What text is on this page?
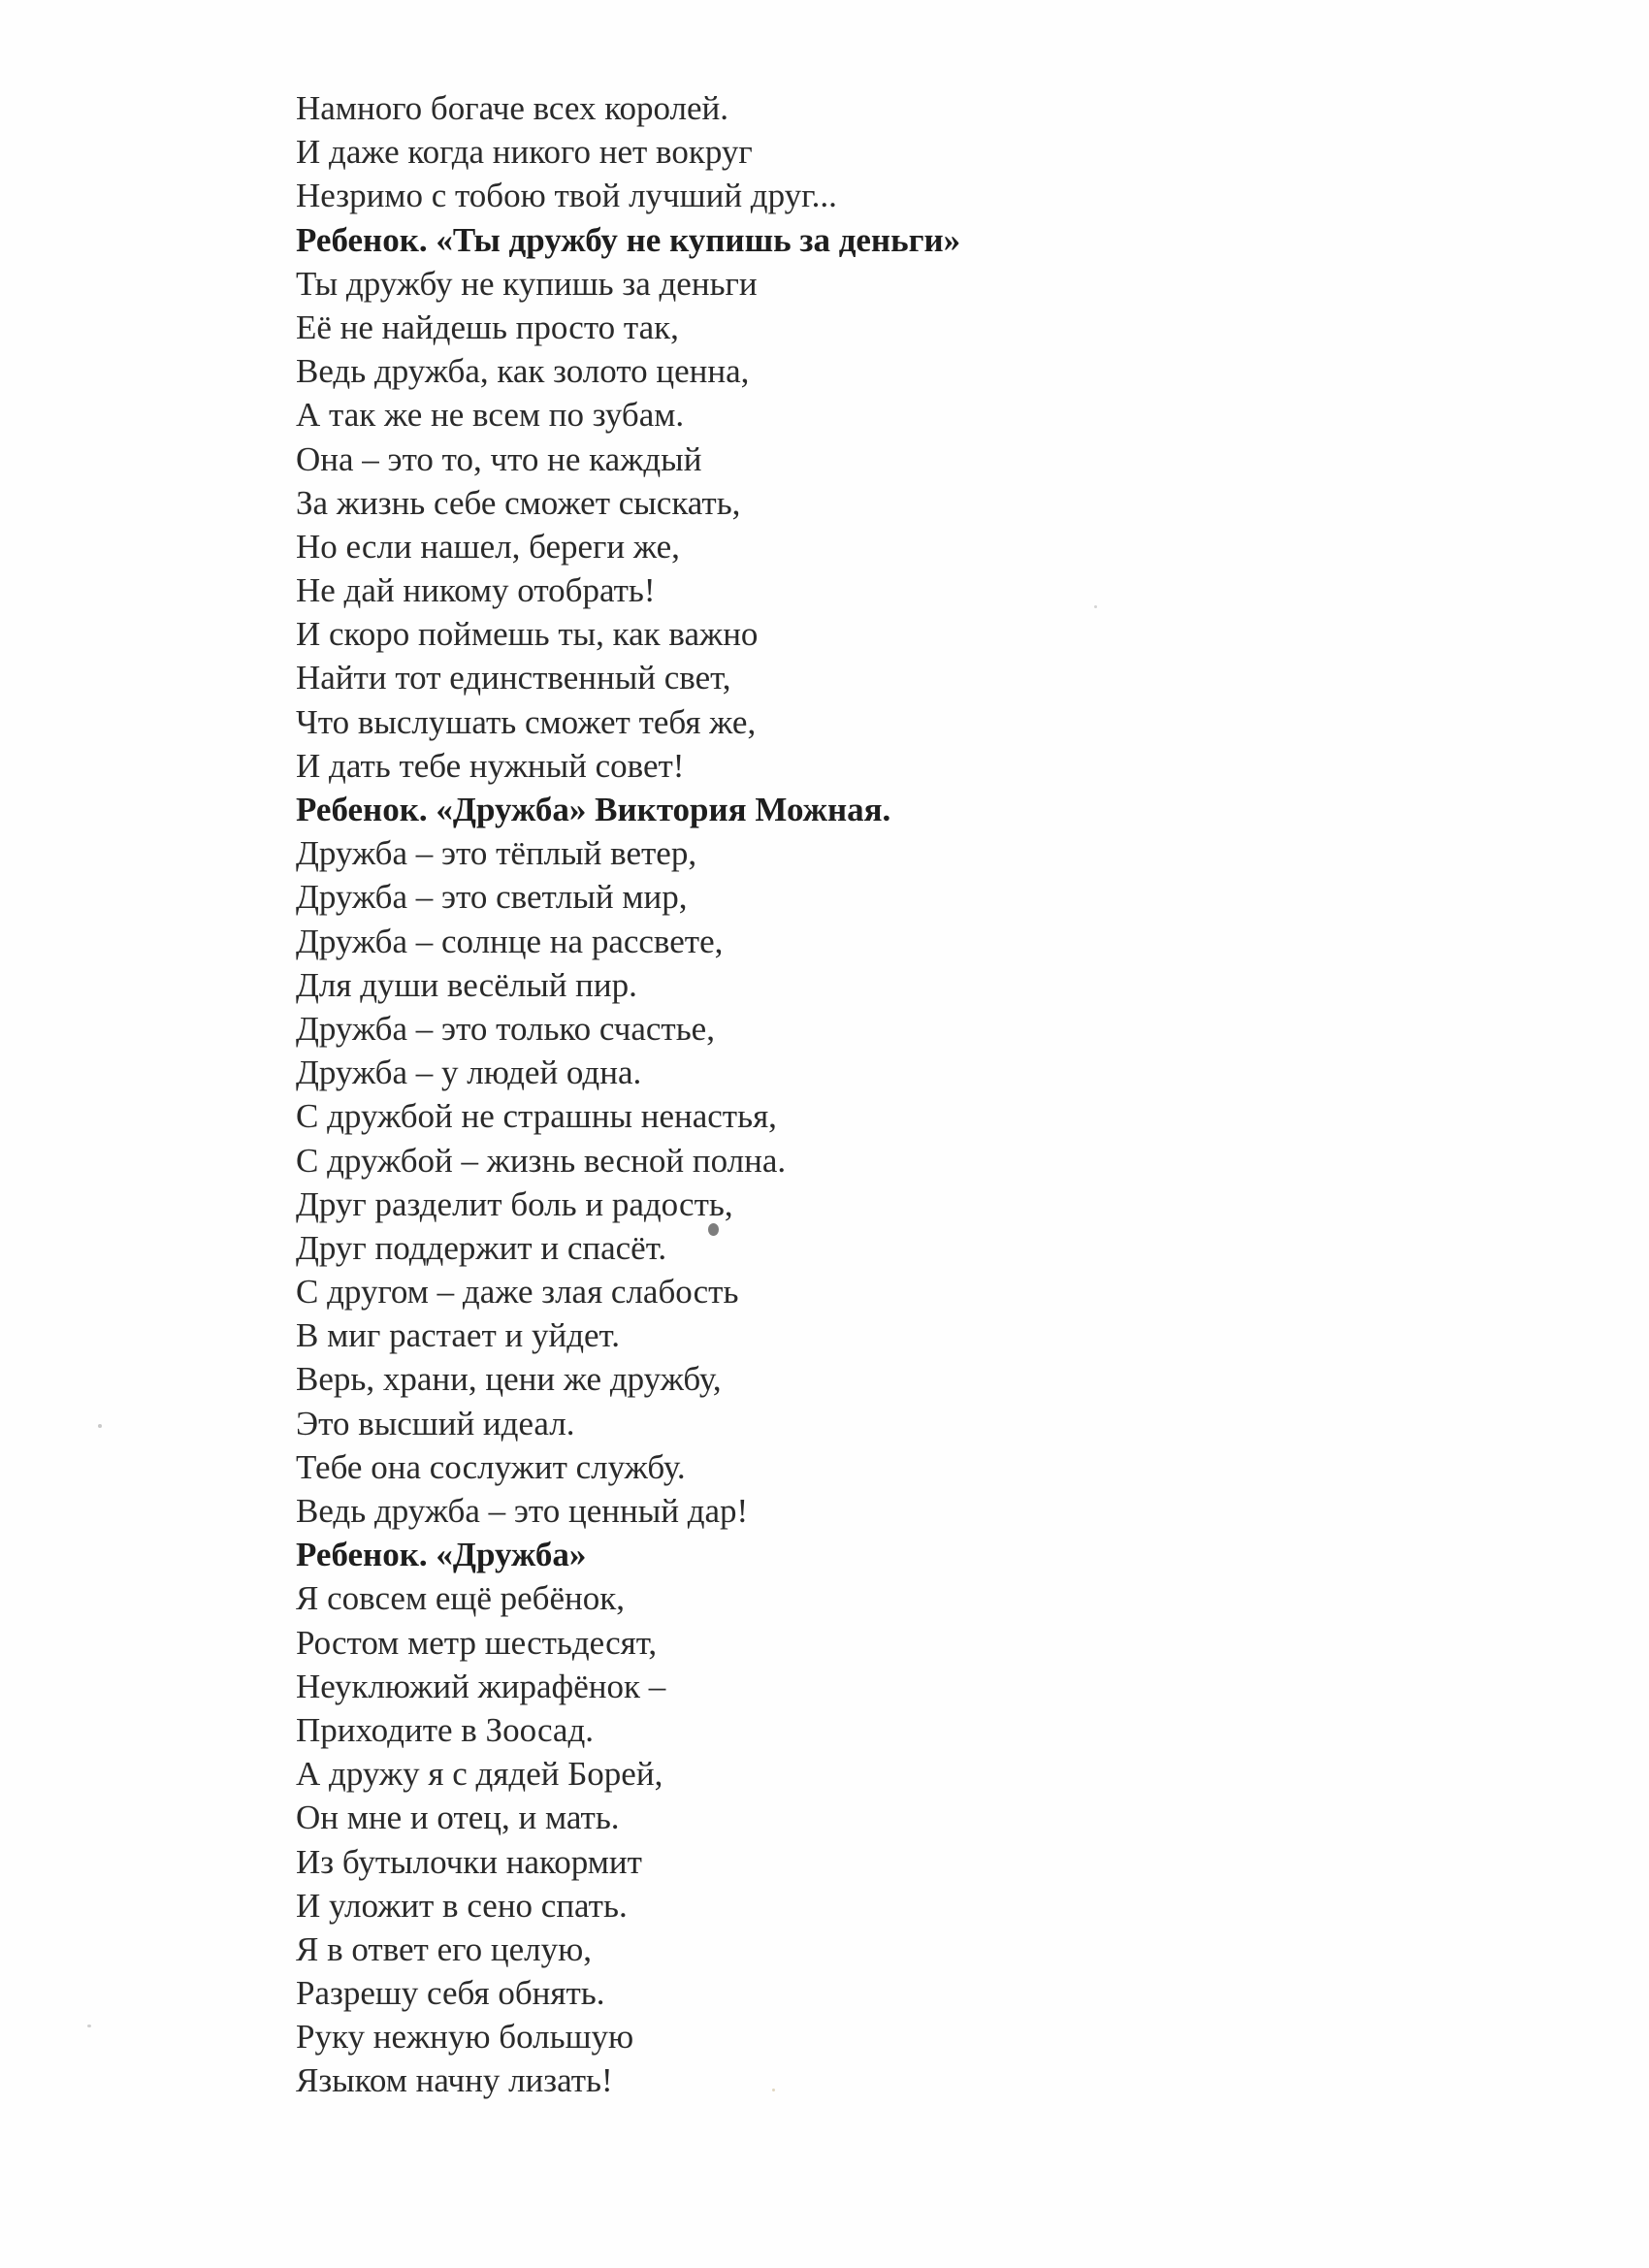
Намного богаче всех королей.
И даже когда никого нет вокруг
Незримо с тобою твой лучший друг...
Ребенок. «Ты дружбу не купишь за деньги»
Ты дружбу не купишь за деньги
Её не найдешь просто так,
Ведь дружба, как золото ценна,
А так же не всем по зубам.
Она – это то, что не каждый
За жизнь себе сможет сыскать,
Но если нашел, береги же,
Не дай никому отобрать!
И скоро поймешь ты, как важно
Найти тот единственный свет,
Что выслушать сможет тебя же,
И дать тебе нужный совет!
Ребенок. «Дружба» Виктория Можная.
Дружба – это тёплый ветер,
Дружба – это светлый мир,
Дружба – солнце на рассвете,
Для души весёлый пир.
Дружба – это только счастье,
Дружба – у людей одна.
С дружбой не страшны ненастья,
С дружбой – жизнь весной полна.
Друг разделит боль и радость,
Друг поддержит и спасёт.
С другом – даже злая слабость
В миг растает и уйдет.
Верь, храни, цени же дружбу,
Это высший идеал.
Тебе она сослужит службу.
Ведь дружба – это ценный дар!
Ребенок. «Дружба»
Я совсем ещё ребёнок,
Ростом метр шестьдесят,
Неуклюжий жирафёнок –
Приходите в Зоосад.
А дружу я с дядей Борей,
Он мне и отец, и мать.
Из бутылочки накормит
И уложит в сено спать.
Я в ответ его целую,
Разрешу себя обнять.
Руку нежную большую
Языком начну лизать!
